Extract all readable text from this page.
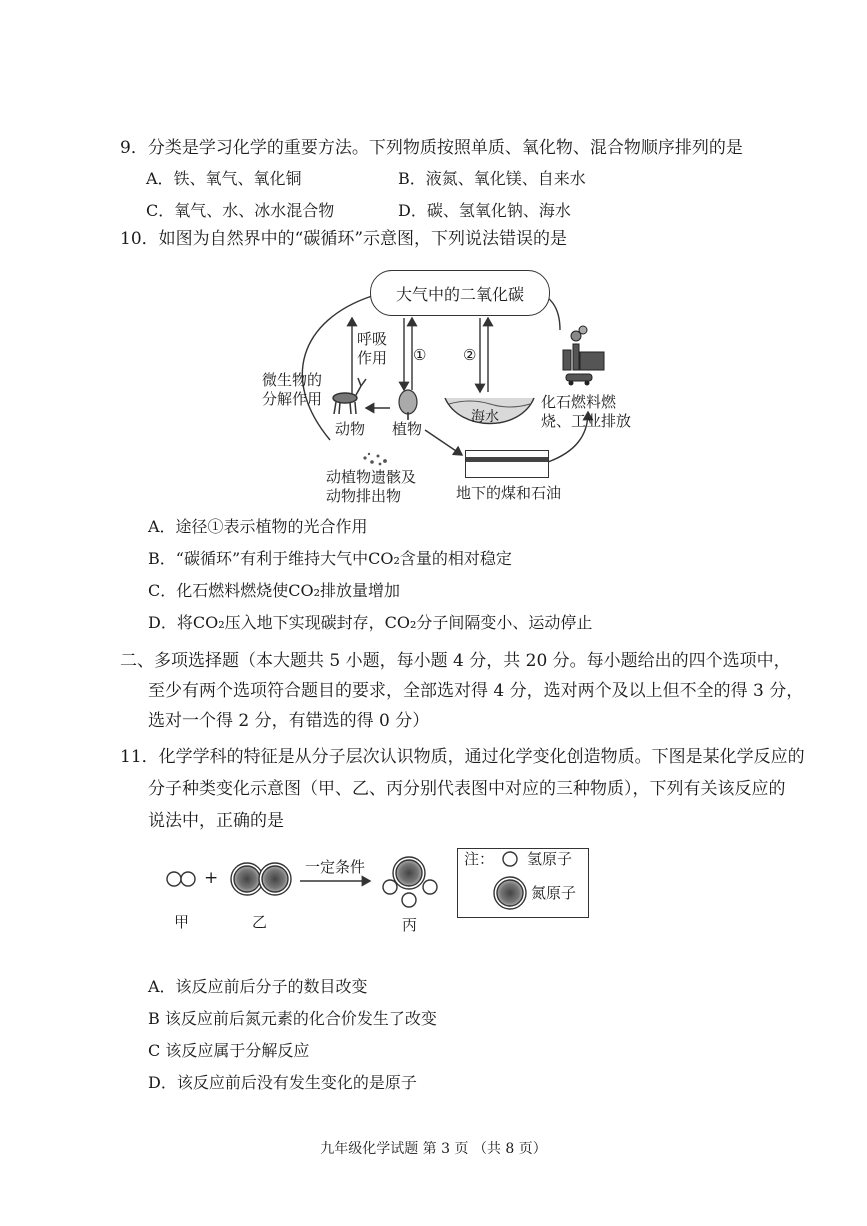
9．分类是学习化学的重要方法。下列物质按照单质、氧化物、混合物顺序排列的是
A．铁、氧气、氧化铜	B．液氮、氧化镁、自来水
C．氧气、水、冰水混合物	D．碳、氢氧化钠、海水
10．如图为自然界中的“碳循环”示意图，下列说法错误的是
大气中的二氧化碳
呼吸
作用 ① ②
微生物的
分解作用
动物 植物
海水
化石燃料燃
烧、工业排放
动植物遗骸及
动物排出物	地下的煤和石油
A．途径①表示植物的光合作用
B．“碳循环”有利于维持大气中CO₂含量的相对稳定
C．化石燃料燃烧使CO₂排放量增加
D．将CO₂压入地下实现碳封存，CO₂分子间隔变小、运动停止
二、多项选择题（本大题共 5 小题，每小题 4 分，共 20 分。每小题给出的四个选项中，
至少有两个选项符合题目的要求，全部选对得 4 分，选对两个及以上但不全的得 3 分，
选对一个得 2 分，有错选的得 0 分）
11．化学学科的特征是从分子层次认识物质，通过化学变化创造物质。下图是某化学反应的
分子种类变化示意图（甲、乙、丙分别代表图中对应的三种物质），下列有关该反应的
说法中，正确的是
+
一定条件
甲	乙	丙
注： 氢原子
氮原子
A．该反应前后分子的数目改变
B 该反应前后氮元素的化合价发生了改变
C 该反应属于分解反应
D．该反应前后没有发生变化的是原子
九年级化学试题 第 3 页 （共 8 页）
